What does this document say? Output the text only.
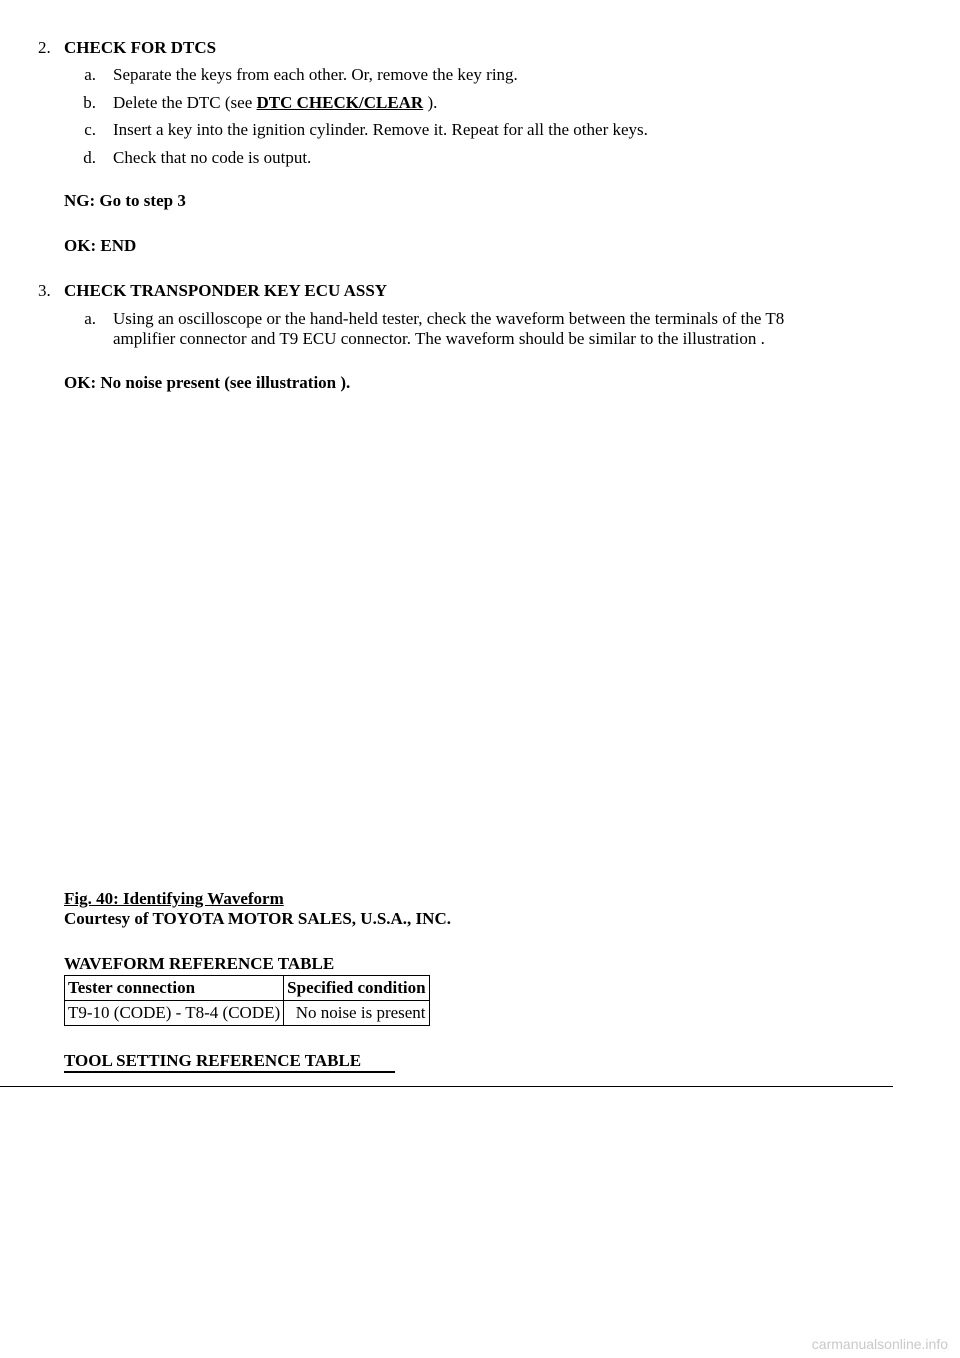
2. CHECK FOR DTCS
a. Separate the keys from each other. Or, remove the key ring.
b. Delete the DTC (see DTC CHECK/CLEAR ).
c. Insert a key into the ignition cylinder. Remove it. Repeat for all the other keys.
d. Check that no code is output.
NG: Go to step 3
OK: END
3. CHECK TRANSPONDER KEY ECU ASSY
a. Using an oscilloscope or the hand-held tester, check the waveform between the terminals of the T8
amplifier connector and T9 ECU connector. The waveform should be similar to the illustration .
OK: No noise present (see illustration ).
Fig. 40: Identifying Waveform
Courtesy of TOYOTA MOTOR SALES, U.S.A., INC.
WAVEFORM REFERENCE TABLE
Tester connection	Specified condition
T9-10 (CODE) - T8-4 (CODE)	No noise is present
TOOL SETTING REFERENCE TABLE
carmanualsonline.info
